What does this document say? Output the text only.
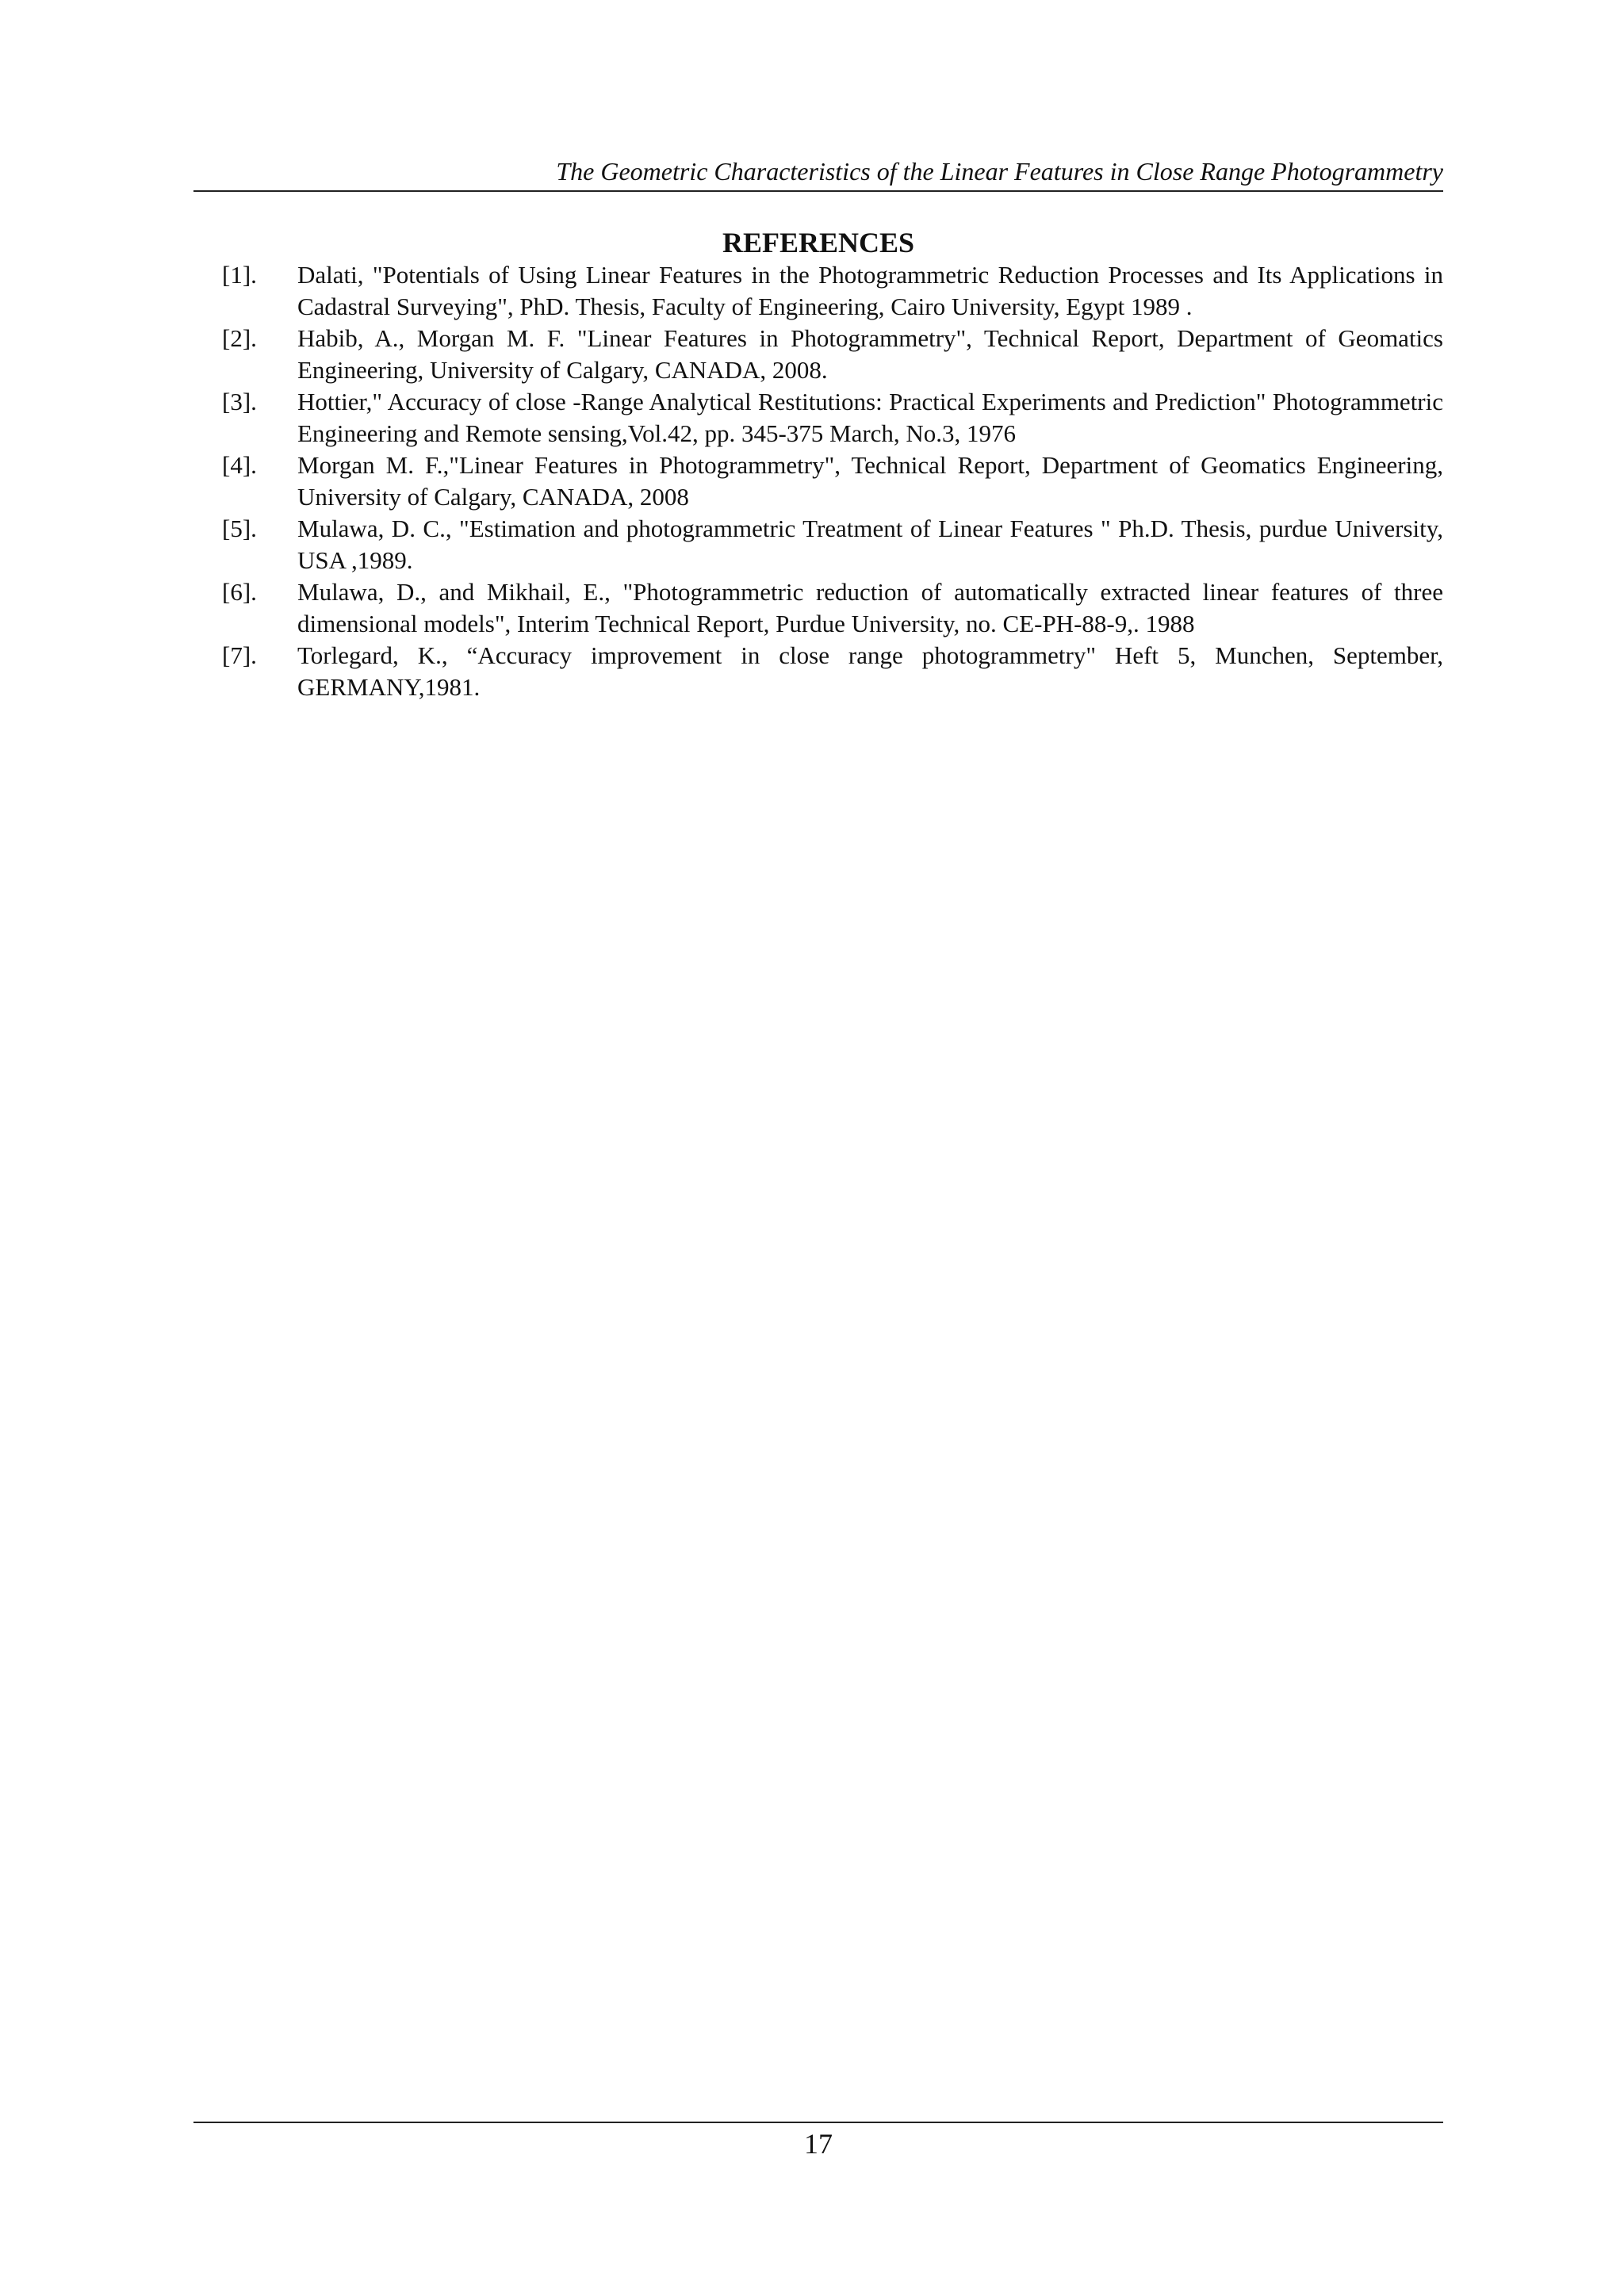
The Geometric Characteristics of the Linear Features in Close Range Photogrammetry
REFERENCES
[1].	Dalati, "Potentials of Using Linear Features in the Photogrammetric Reduction Processes and Its Applications in Cadastral Surveying", PhD. Thesis, Faculty of Engineering, Cairo University, Egypt 1989 .
[2].	Habib, A., Morgan M. F. "Linear Features in Photogrammetry", Technical Report, Department of Geomatics Engineering, University of Calgary, CANADA, 2008.
[3].	Hottier," Accuracy of close -Range Analytical Restitutions: Practical Experiments and Prediction" Photogrammetric Engineering and Remote sensing,Vol.42, pp. 345-375 March, No.3, 1976
[4].	Morgan M. F.,"Linear Features in Photogrammetry", Technical Report, Department of Geomatics Engineering, University of Calgary, CANADA, 2008
[5].	Mulawa, D. C., "Estimation and photogrammetric Treatment of Linear Features " Ph.D. Thesis, purdue University, USA ,1989.
[6].	Mulawa, D., and Mikhail, E., "Photogrammetric reduction of automatically extracted linear features of three dimensional models", Interim Technical Report, Purdue University, no. CE-PH-88-9,. 1988
[7].	Torlegard, K., “Accuracy improvement in close range photogrammetry" Heft 5, Munchen, September, GERMANY,1981.
17
